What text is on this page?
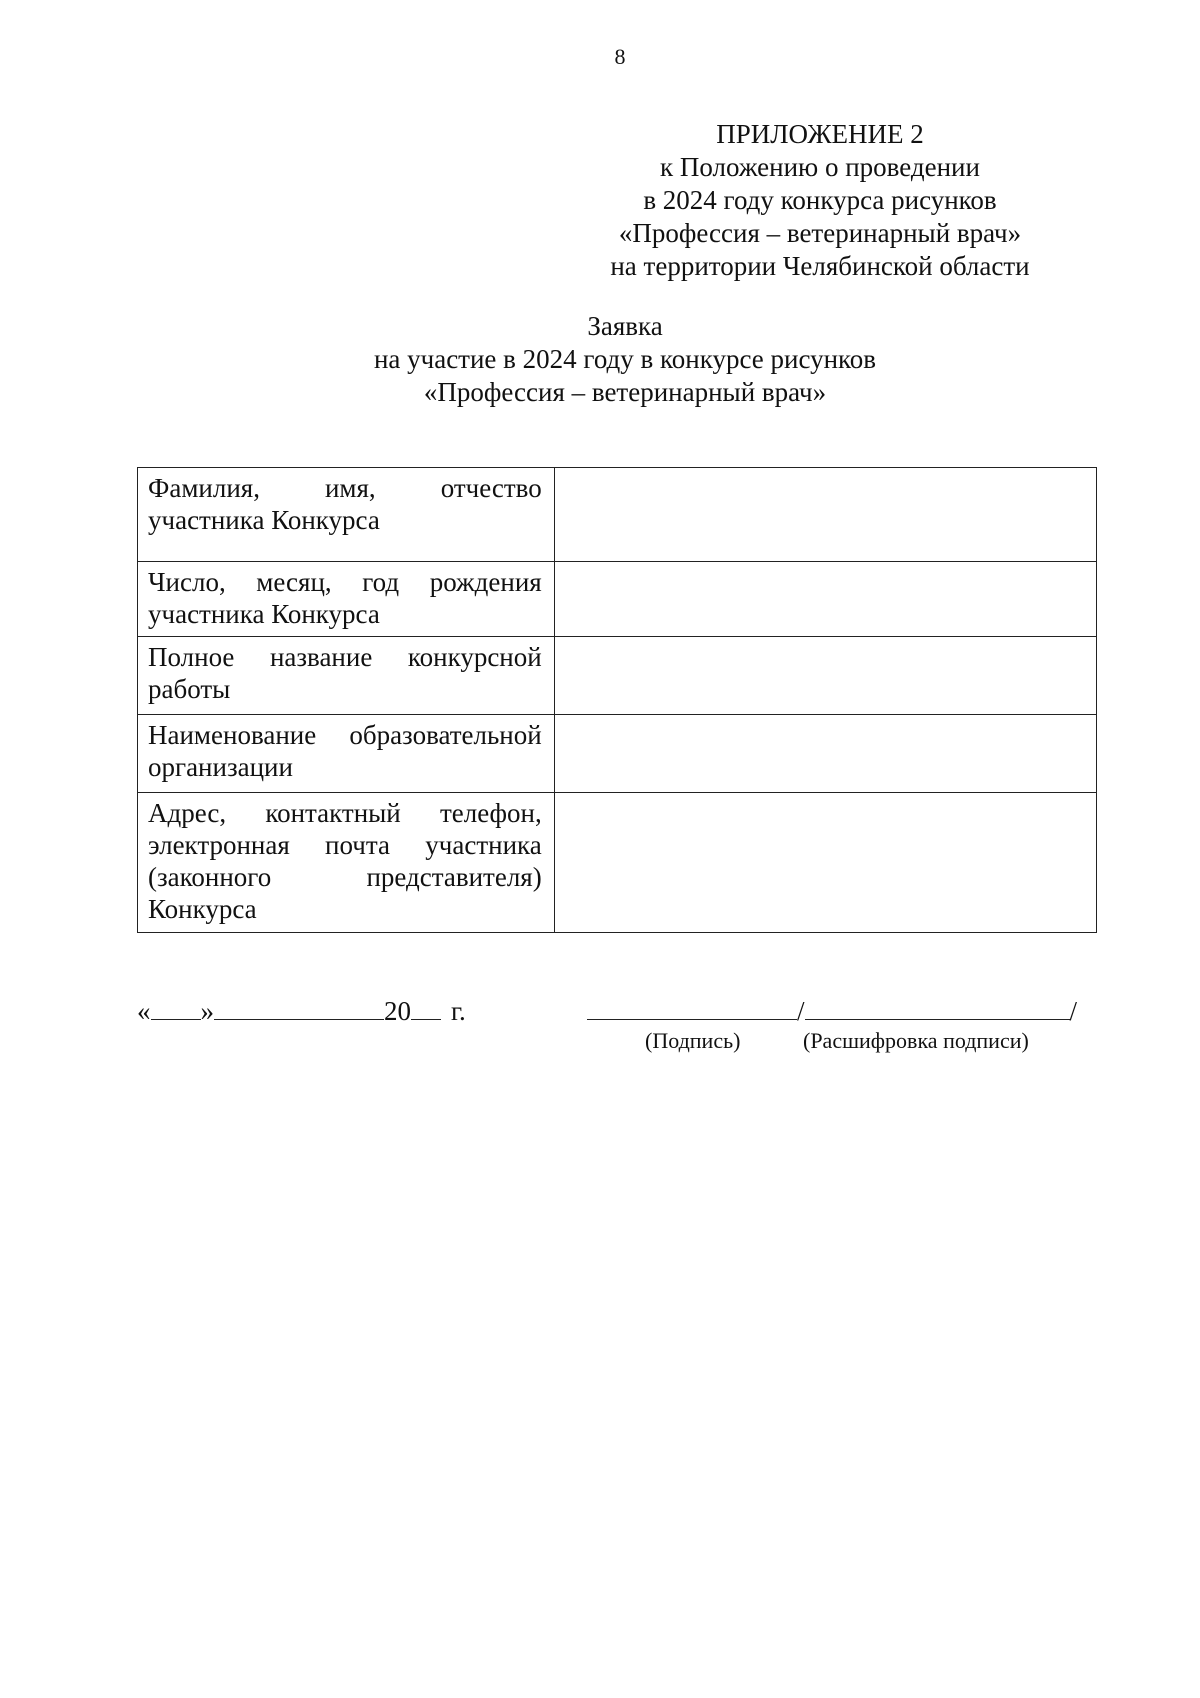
8
ПРИЛОЖЕНИЕ 2
к Положению о проведении
в 2024 году конкурса рисунков
«Профессия – ветеринарный врач»
на территории Челябинской области
Заявка
на участие в 2024 году в конкурсе рисунков
«Профессия – ветеринарный врач»
Фамилия, имя, отчество участника Конкурса	
Число, месяц, год рождения участника Конкурса	
Полное название конкурсной работы	
Наименование образовательной организации	
Адрес, контактный телефон, электронная почта участника (законного представителя) Конкурса	
« »	20 г.	/	/
(Подпись)	(Расшифровка подписи)
